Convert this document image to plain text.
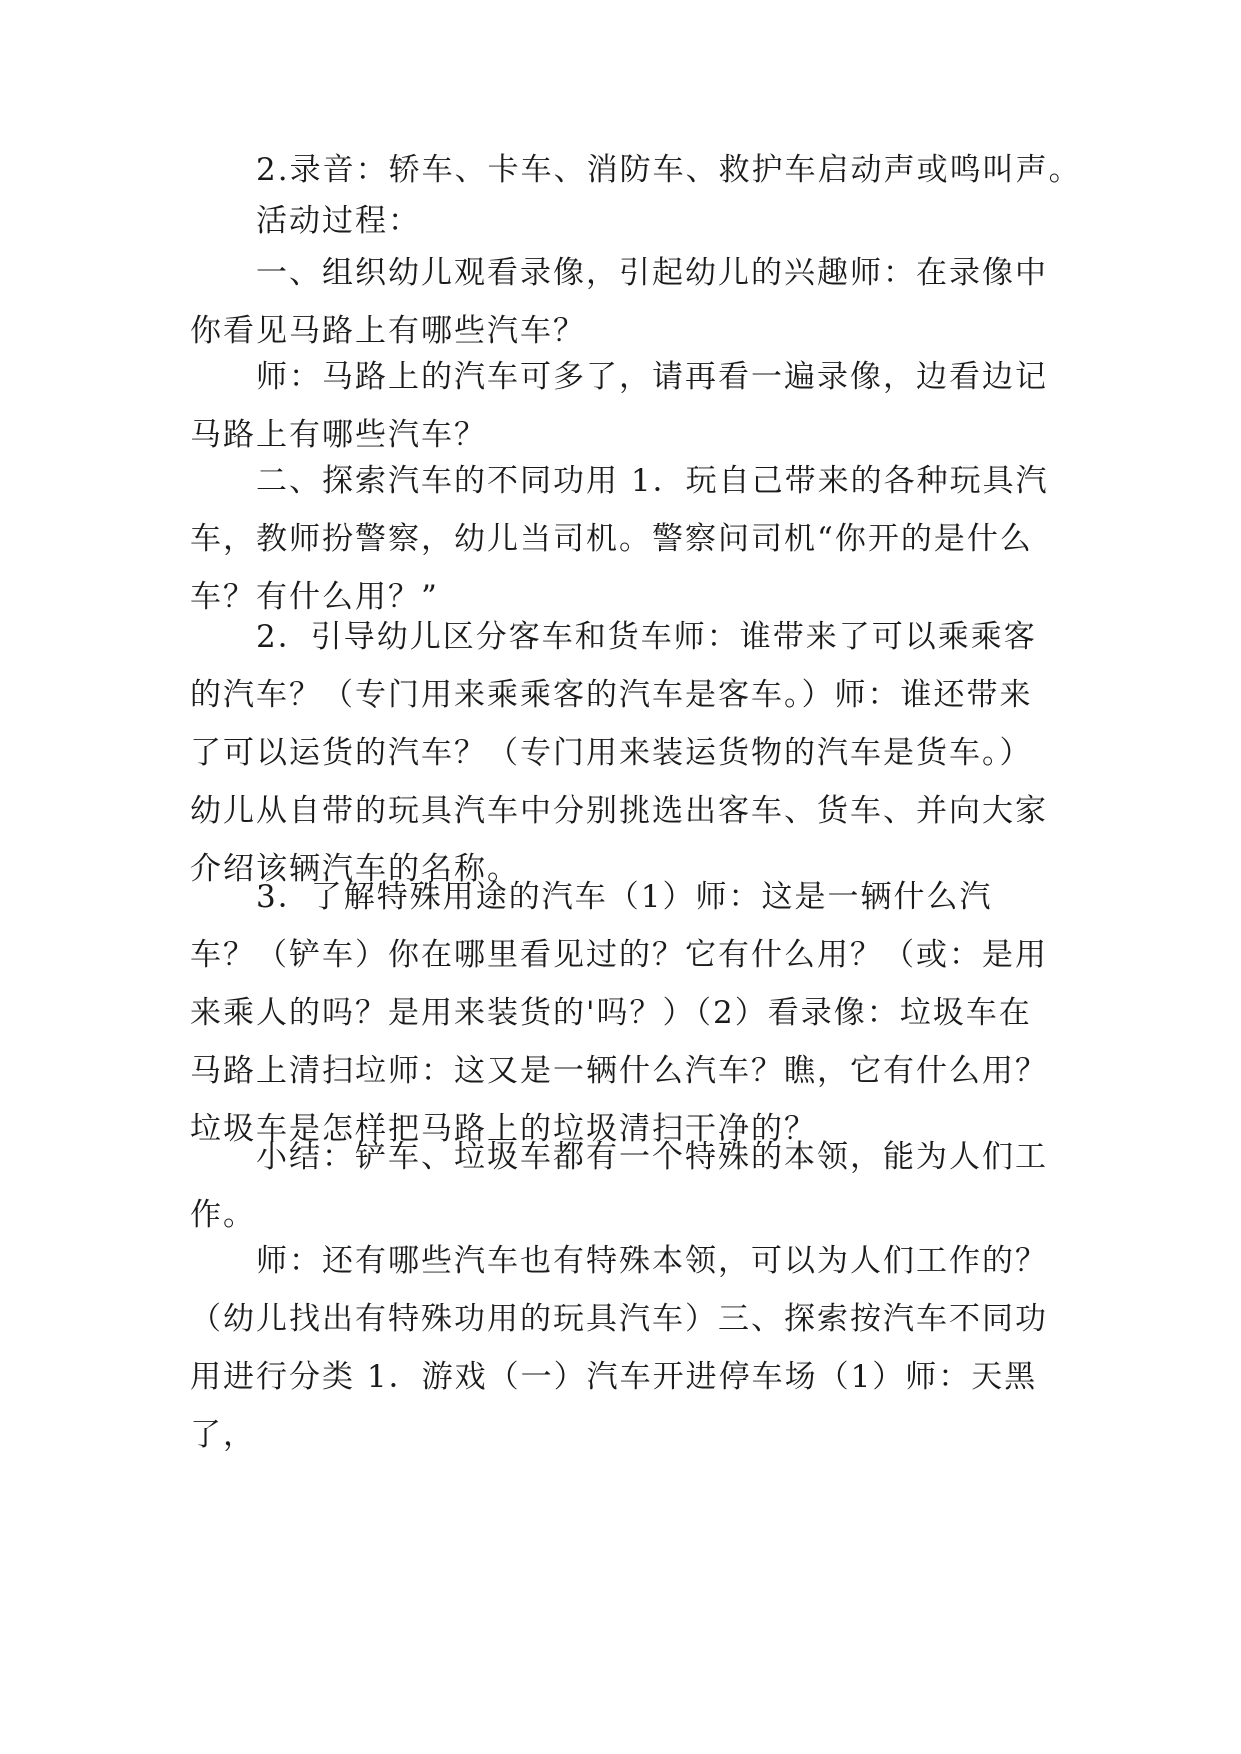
2.录音：轿车、卡车、消防车、救护车启动声或鸣叫声。

活动过程：

一、组织幼儿观看录像，引起幼儿的兴趣师：在录像中你看见马路上有哪些汽车？

师：马路上的汽车可多了，请再看一遍录像，边看边记马路上有哪些汽车？

二、探索汽车的不同功用 1．玩自己带来的各种玩具汽车，教师扮警察，幼儿当司机。警察问司机“你开的是什么车？有什么用？”

2．引导幼儿区分客车和货车师：谁带来了可以乘乘客的汽车？（专门用来乘乘客的汽车是客车。）师：谁还带来了可以运货的汽车？（专门用来装运货物的汽车是货车。）幼儿从自带的玩具汽车中分别挑选出客车、货车、并向大家介绍该辆汽车的名称。

3．了解特殊用途的汽车（1）师：这是一辆什么汽车？（铲车）你在哪里看见过的？它有什么用？（或：是用来乘人的吗？是用来装货的'吗？）（2）看录像：垃圾车在马路上清扫垃师：这又是一辆什么汽车？瞧，它有什么用？垃圾车是怎样把马路上的垃圾清扫干净的？

小结：铲车、垃圾车都有一个特殊的本领，能为人们工作。

师：还有哪些汽车也有特殊本领，可以为人们工作的？（幼儿找出有特殊功用的玩具汽车）三、探索按汽车不同功用进行分类 1．游戏（一）汽车开进停车场（1）师：天黑了，
